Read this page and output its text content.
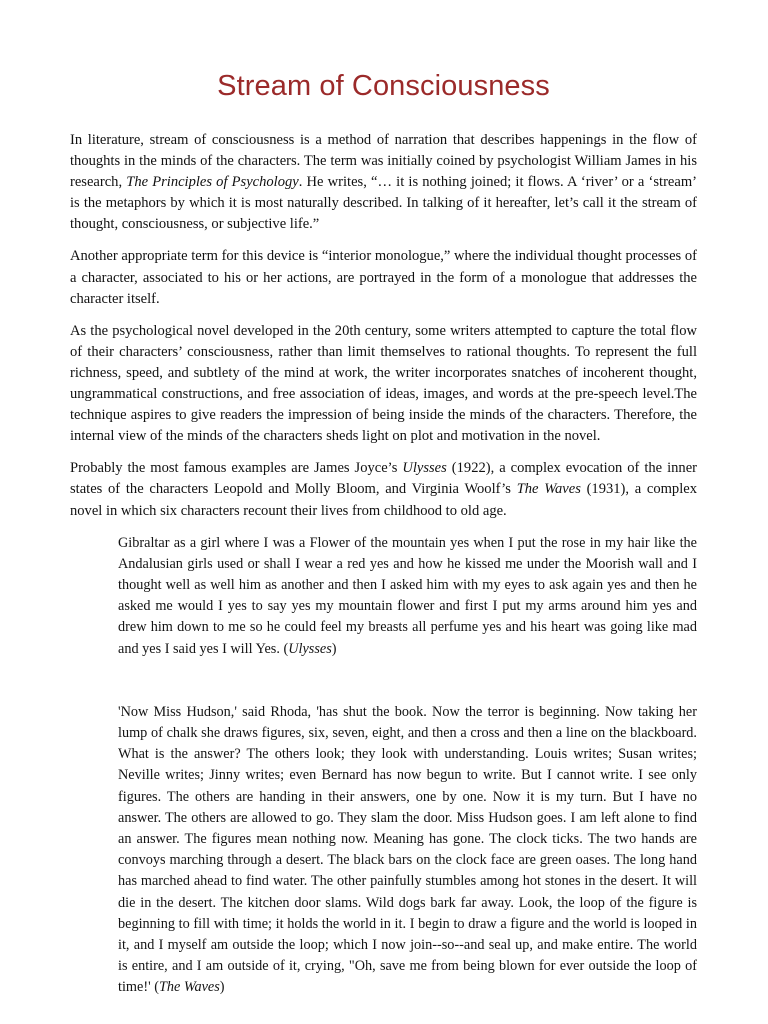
Stream of Consciousness

In literature, stream of consciousness is a method of narration that describes happenings in the flow of thoughts in the minds of the characters. The term was initially coined by psychologist William James in his research, The Principles of Psychology. He writes, “… it is nothing joined; it flows. A ‘river’ or a ‘stream’ is the metaphors by which it is most naturally described. In talking of it hereafter, let’s call it the stream of thought, consciousness, or subjective life.”

Another appropriate term for this device is “interior monologue,” where the individual thought processes of a character, associated to his or her actions, are portrayed in the form of a monologue that addresses the character itself.

As the psychological novel developed in the 20th century, some writers attempted to capture the total flow of their characters’ consciousness, rather than limit themselves to rational thoughts. To represent the full richness, speed, and subtlety of the mind at work, the writer incorporates snatches of incoherent thought, ungrammatical constructions, and free association of ideas, images, and words at the pre-speech level.The technique aspires to give readers the impression of being inside the minds of the characters. Therefore, the internal view of the minds of the characters sheds light on plot and motivation in the novel.

Probably the most famous examples are James Joyce’s Ulysses (1922), a complex evocation of the inner states of the characters Leopold and Molly Bloom, and Virginia Woolf’s The Waves (1931), a complex novel in which six characters recount their lives from childhood to old age.

Gibraltar as a girl where I was a Flower of the mountain yes when I put the rose in my hair like the Andalusian girls used or shall I wear a red yes and how he kissed me under the Moorish wall and I thought well as well him as another and then I asked him with my eyes to ask again yes and then he asked me would I yes to say yes my mountain flower and first I put my arms around him yes and drew him down to me so he could feel my breasts all perfume yes and his heart was going like mad and yes I said yes I will Yes. (Ulysses)

'Now Miss Hudson,' said Rhoda, 'has shut the book. Now the terror is beginning. Now taking her lump of chalk she draws figures, six, seven, eight, and then a cross and then a line on the blackboard. What is the answer? The others look; they look with understanding. Louis writes; Susan writes; Neville writes; Jinny writes; even Bernard has now begun to write. But I cannot write. I see only figures. The others are handing in their answers, one by one. Now it is my turn. But I have no answer. The others are allowed to go. They slam the door. Miss Hudson goes. I am left alone to find an answer. The figures mean nothing now. Meaning has gone. The clock ticks. The two hands are convoys marching through a desert. The black bars on the clock face are green oases. The long hand has marched ahead to find water. The other painfully stumbles among hot stones in the desert. It will die in the desert. The kitchen door slams. Wild dogs bark far away. Look, the loop of the figure is beginning to fill with time; it holds the world in it. I begin to draw a figure and the world is looped in it, and I myself am outside the loop; which I now join--so--and seal up, and make entire. The world is entire, and I am outside of it, crying, "Oh, save me from being blown for ever outside the loop of time!' (The Waves)
